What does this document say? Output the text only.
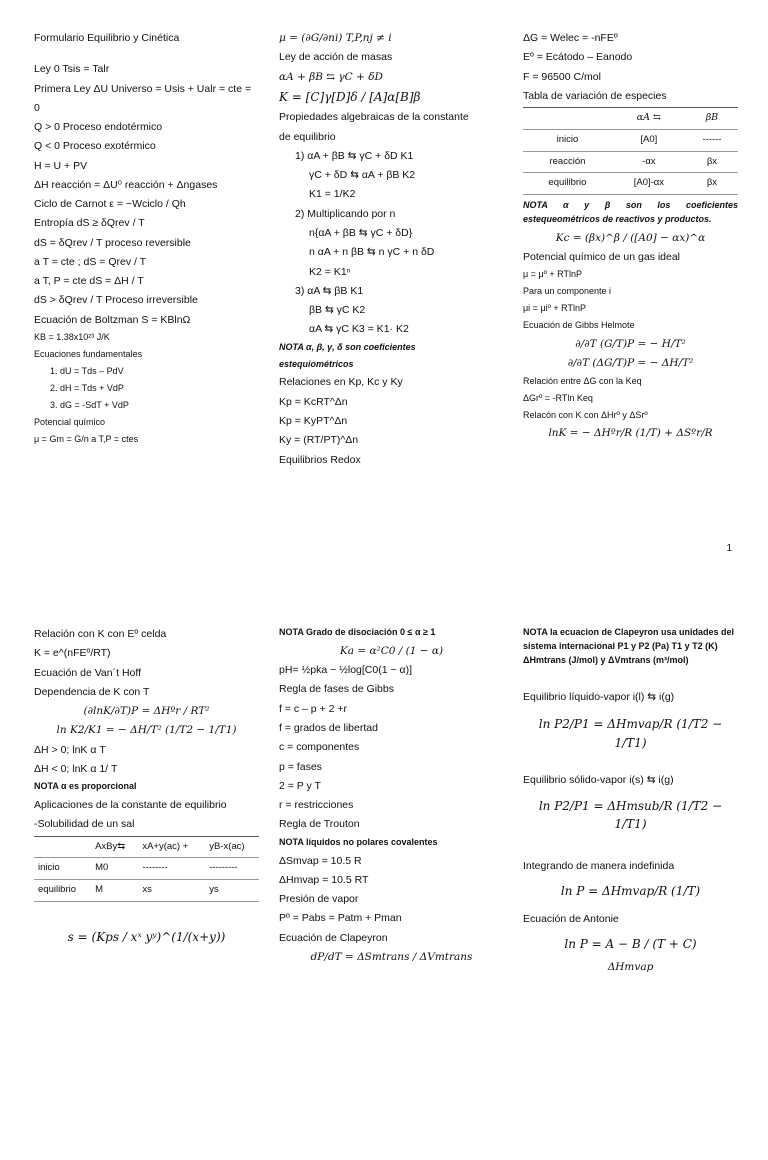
Formulario Equilibrio y Cinética
Ley 0 Tsis = Talr
Primera Ley ΔU Universo = Usis + Ualr = cte =
0
Q > 0 Proceso endotérmico
Q < 0 Proceso exotérmico
H = U + PV
ΔH reacción = ΔU⁰ reacción + Δngases
Ciclo de Carnot ε = −Wciclo / Qh
Entropía dS ≥ δQrev / T
dS = δQrev / T proceso reversible
a T = cte ; dS = Qrev / T
a T, P = cte dS = ΔH / T
dS > δQrev / T Proceso irreversible
Ecuación de Boltzman S = KBlnΩ
KB = 1.38x10²³ J/K
Ecuaciones fundamentales
1. dU = Tds – PdV
2. dH = Tds + VdP
3. dG = -SdT + VdP
Potencial químico
μ = Gm = G/n a T,P = ctes
μ = (∂G/∂ni) T,P,nj ≠ i
Ley de acción de masas
αA + βB ⇆ γC + δD
K = [C]γ[D]δ / [A]α[B]β
Propiedades algebraicas de la constante
de equilibrio
1) αA + βB ⇆ γC + δD K1
γC + δD ⇆ αA + βB K2
K1 = 1/K2
2) Multiplicando por n
n{αA + βB ⇆ γC + δD}
n αA + n βB ⇆ n γC + n δD
K2 = K1ⁿ
3) αA ⇆ βB K1
βB ⇆ γC K2
αA ⇆ γC K3 = K1· K2
NOTA α, β, γ, δ son coeficientes
estequiométricos
Relaciones en Kp, Kc y Ky
Kp = KcRT^Δn
Kp = KyPT^Δn
Ky = (RT/PT)^Δn
Equilibrios Redox
ΔG = Welec = -nFEº
Eº = Ecátodo – Eanodo
F = 96500 C/mol
Tabla de variación de especies
	αA ⇆	βB
inicio	[A0]	------
reacción	-αx	βx
equilibrio	[A0]-αx	βx
NOTA α y β son los coeficientes estequeométricos de reactivos y productos.
Kc = (βx)^β / ([A0] − αx)^α
Potencial químico de un gas ideal
μ = μº + RTlnP
Para un componente i
μi = μiº + RTlnP
Ecuación de Gibbs Helmote
∂/∂T (G/T)P = − H/T²
∂/∂T (ΔG/T)P = − ΔH/T²
Relación entre ΔG con la Keq
ΔGrº = -RTln Keq
Relacón con K con ΔHrº y ΔSrº
lnK = − ΔHºr/R (1/T) + ΔSºr/R
1
Relación con K con Eº celda
K = e^(nFEº/RT)
Ecuación de Van´t Hoff
Dependencia de K con T
(∂lnK/∂T)P = ΔHºr / RT²
ln K2/K1 = − ΔH/T² (1/T2 − 1/T1)
ΔH > 0; lnK α T
ΔH < 0; lnK α 1/ T
NOTA α es proporcional
Aplicaciones de la constante de equilibrio
-Solubilidad de un sal
	AxBy⇆	xA+y(ac) +	yB-x(ac)
inicio	M0	--------	---------
equilibrio	M	xs	ys
s = (Kps / xˣ yʸ)^(1/(x+y))
NOTA Grado de disociación 0 ≤ α ≥ 1
Ka = α²C0 / (1 − α)
pH= ½pka − ½log[C0(1 − α)]
Regla de fases de Gibbs
f = c – p + 2 +r
f = grados de libertad
c = componentes
p = fases
2 = P y T
r = restricciones
Regla de Trouton
NOTA líquidos no polares covalentes
ΔSmvap = 10.5 R
ΔHmvap = 10.5 RT
Presión de vapor
Pº = Pabs = Patm + Pman
Ecuación de Clapeyron
dP/dT = ΔSmtrans / ΔVmtrans
NOTA la ecuacion de Clapeyron usa unidades del sistema internacional P1 y P2 (Pa) T1 y T2 (K) ΔHmtrans (J/mol) y ΔVmtrans (m³/mol)
Equilibrio líquido-vapor i(l) ⇆ i(g)
ln P2/P1 = ΔHmvap/R (1/T2 − 1/T1)
Equilibrio sólido-vapor i(s) ⇆ i(g)
ln P2/P1 = ΔHmsub/R (1/T2 − 1/T1)
Integrando de manera indefinida
ln P = ΔHmvap/R (1/T)
Ecuación de Antonie
ln P = A − B / (T + C)
ΔHmvap
